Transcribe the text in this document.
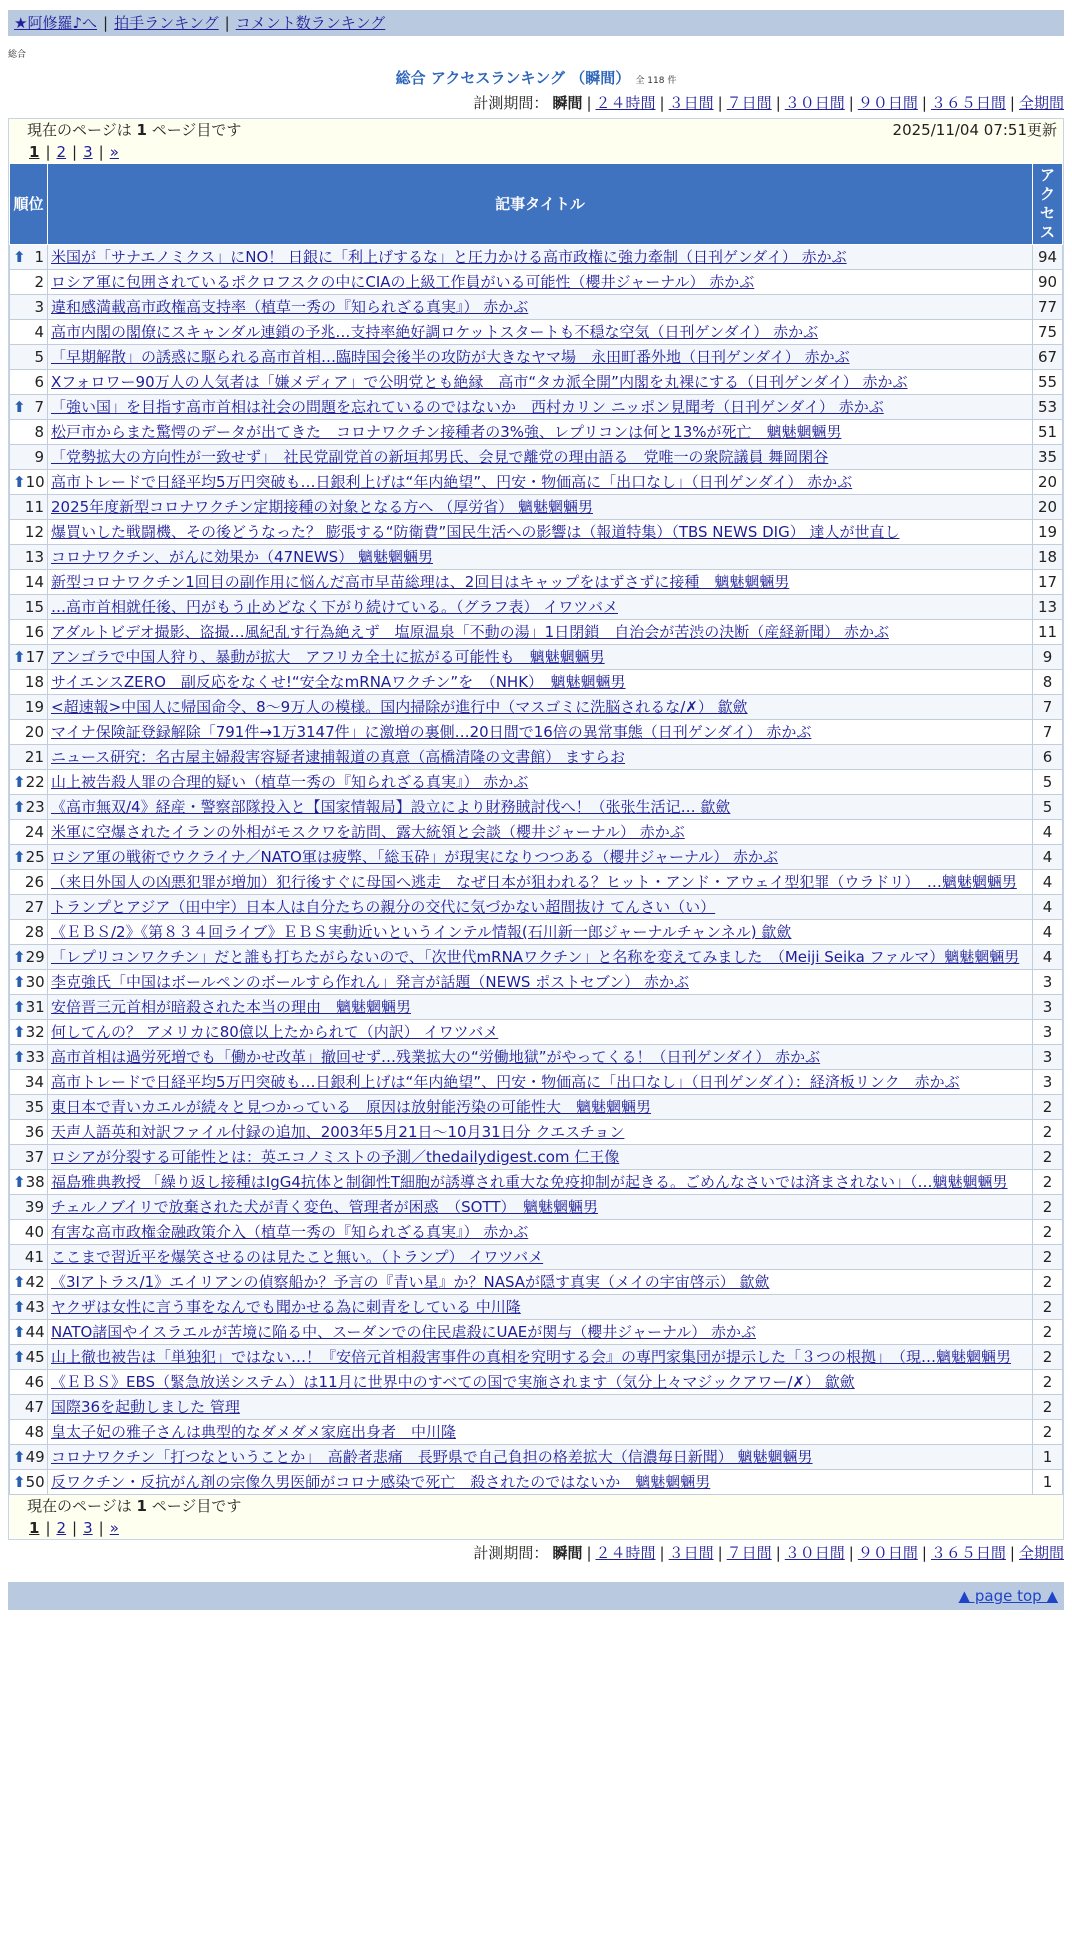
★阿修羅♪へ | 拍手ランキング | コメント数ランキング
総合
総合 アクセスランキング （瞬間） 全 118 件
計測期間： 瞬間 | ２４時間 | ３日間 | ７日間 | ３０日間 | ９０日間 | ３６５日間 | 全期間
現在のページは 1 ページ目です	2025/11/04 07:51更新
1 | 2 | 3 | »
順位	記事タイトル	アクセス

⬆ 1	米国が「サナエノミクス」にNO！ 日銀に「利上げするな」と圧力かける高市政権に強力牽制（日刊ゲンダイ） 赤かぶ	94
2	ロシア軍に包囲されているポクロフスクの中にCIAの上級工作員がいる可能性（櫻井ジャーナル） 赤かぶ	90
3	違和感満載高市政権高支持率（植草一秀の『知られざる真実』） 赤かぶ	77
4	高市内閣の閣僚にスキャンダル連鎖の予兆…支持率絶好調ロケットスタートも不穏な空気（日刊ゲンダイ） 赤かぶ	75
5	「早期解散」の誘惑に駆られる高市首相…臨時国会後半の攻防が大きなヤマ場　永田町番外地（日刊ゲンダイ） 赤かぶ	67
6	Xフォロワー90万人の人気者は「嫌メディア」で公明党とも絶縁　高市“タカ派全開”内閣を丸裸にする（日刊ゲンダイ） 赤かぶ	55

⬆ 7	「強い国」を目指す高市首相は社会の問題を忘れているのではないか　西村カリン ニッポン見聞考（日刊ゲンダイ） 赤かぶ	53
8	松戸市からまた驚愕のデータが出てきた　コロナワクチン接種者の3%強、レプリコンは何と13%が死亡　魑魅魍魎男	51
9	「党勢拡大の方向性が一致せず」　社民党副党首の新垣邦男氏、会見で離党の理由語る　党唯一の衆院議員 舞岡閑谷	35

⬆ 10	高市トレードで日経平均5万円突破も…日銀利上げは“年内絶望”、円安・物価高に「出口なし」（日刊ゲンダイ） 赤かぶ	20
11	2025年度新型コロナワクチン定期接種の対象となる方へ （厚労省） 魑魅魍魎男	20
12	爆買いした戦闘機、その後どうなった？ 膨張する“防衛費”国民生活への影響は（報道特集）（TBS NEWS DIG） 達人が世直し	19
13	コロナワクチン、がんに効果か（47NEWS） 魑魅魍魎男	18
14	新型コロナワクチン1回目の副作用に悩んだ高市早苗総理は、2回目はキャップをはずさずに接種　魑魅魍魎男	17
15	…高市首相就任後、円がもう止めどなく下がり続けている。（グラフ表） イワツバメ	13
16	アダルトビデオ撮影、盗撮…風紀乱す行為絶えず　塩原温泉「不動の湯」1日閉鎖　自治会が苦渋の決断（産経新聞） 赤かぶ	11

⬆ 17	アンゴラで中国人狩り、暴動が拡大　アフリカ全土に拡がる可能性も　魑魅魍魎男	9
18	サイエンスZERO　副反応をなくせ!“安全なmRNAワクチン”を　（NHK）　魑魅魍魎男	8
19	<超速報>中国人に帰国命令、8～9万人の模様。国内掃除が進行中（マスゴミに洗脳されるな/✗） 歙歛	7
20	マイナ保険証登録解除「791件→1万3147件」に激増の裏側…20日間で16倍の異常事態（日刊ゲンダイ） 赤かぶ	7
21	ニュース研究：名古屋主婦殺害容疑者逮捕報道の真意（高橋清隆の文書館） ますらお	6

⬆ 22	山上被告殺人罪の合理的疑い（植草一秀の『知られざる真実』） 赤かぶ	5

⬆ 23	《高市無双/4》経産・警察部隊投入と【国家情報局】設立により財務賊討伐へ！（张张生活记… 歙歛	5
24	米軍に空爆されたイランの外相がモスクワを訪問、露大統領と会談（櫻井ジャーナル） 赤かぶ	4

⬆ 25	ロシア軍の戦術でウクライナ／NATO軍は疲弊、「総玉砕」が現実になりつつある（櫻井ジャーナル） 赤かぶ	4
26	（来日外国人の凶悪犯罪が増加）犯行後すぐに母国へ逃走　なぜ日本が狙われる？ヒット・アンド・アウェイ型犯罪（ウラドリ）　…魑魅魍魎男	4
27	トランプとアジア（田中宇）日本人は自分たちの親分の交代に気づかない超間抜け てんさい（い）	4
28	《ＥＢＳ/2》《第８３４回ライブ》ＥＢＳ実動近いというインテル情報(石川新一郎ジャーナルチャンネル) 歙歛	4

⬆ 29	「レプリコンワクチン」だと誰も打ちたがらないので、「次世代mRNAワクチン」と名称を変えてみました　（Meiji Seika ファルマ）魑魅魍魎男	4

⬆ 30	李克強氏「中国はボールペンのボールすら作れん」発言が話題（NEWS ポストセブン） 赤かぶ	3

⬆ 31	安倍晋三元首相が暗殺された本当の理由　魑魅魍魎男	3

⬆ 32	何してんの？ アメリカに80億以上たかられて（内訳） イワツバメ	3

⬆ 33	高市首相は過労死増でも「働かせ改革」撤回せず…残業拡大の“労働地獄”がやってくる！（日刊ゲンダイ） 赤かぶ	3
34	高市トレードで日経平均5万円突破も…日銀利上げは“年内絶望”、円安・物価高に「出口なし」（日刊ゲンダイ）：経済板リンク　赤かぶ	3
35	東日本で青いカエルが続々と見つかっている　原因は放射能汚染の可能性大　魑魅魍魎男	2
36	天声人語英和対訳ファイル付録の追加、2003年5月21日～10月31日分 クエスチョン	2
37	ロシアが分裂する可能性とは：英エコノミストの予測／thedailydigest.com 仁王像	2

⬆ 38	福島雅典教授 「繰り返し接種はIgG4抗体と制御性T細胞が誘導され重大な免疫抑制が起きる。ごめんなさいでは済まされない」（…魑魅魍魎男	2
39	チェルノブイリで放棄された犬が青く変色、管理者が困惑　（SOTT）　魑魅魍魎男	2
40	有害な高市政権金融政策介入（植草一秀の『知られざる真実』） 赤かぶ	2
41	ここまで習近平を爆笑させるのは見たこと無い。（トランプ） イワツバメ	2

⬆ 42	《3Iアトラス/1》エイリアンの偵察船か？予言の『青い星』か？NASAが隠す真実（メイの宇宙啓示） 歙歛	2

⬆ 43	ヤクザは女性に言う事をなんでも聞かせる為に刺青をしている 中川隆	2

⬆ 44	NATO諸国やイスラエルが苦境に陥る中、スーダンでの住民虐殺にUAEが関与（櫻井ジャーナル） 赤かぶ	2

⬆ 45	山上徹也被告は「単独犯」ではない…！『安倍元首相殺害事件の真相を究明する会』の専門家集団が提示した「３つの根拠」　（現…魑魅魍魎男	2
46	《ＥＢＳ》EBS（緊急放送システム）は11月に世界中のすべての国で実施されます（気分上々マジックアワー/✗） 歙歛	2
47	国際36を起動しました 管理	2
48	皇太子妃の雅子さんは典型的なダメダメ家庭出身者　中川隆	2

⬆ 49	コロナワクチン「打つなということか」　高齢者悲痛　長野県で自己負担の格差拡大（信濃毎日新聞） 魑魅魍魎男	1

⬆ 50	反ワクチン・反抗がん剤の宗像久男医師がコロナ感染で死亡　殺されたのではないか　魑魅魍魎男	1
現在のページは 1 ページ目です
1 | 2 | 3 | »
計測期間： 瞬間 | ２４時間 | ３日間 | ７日間 | ３０日間 | ９０日間 | ３６５日間 | 全期間
▲ page top ▲
